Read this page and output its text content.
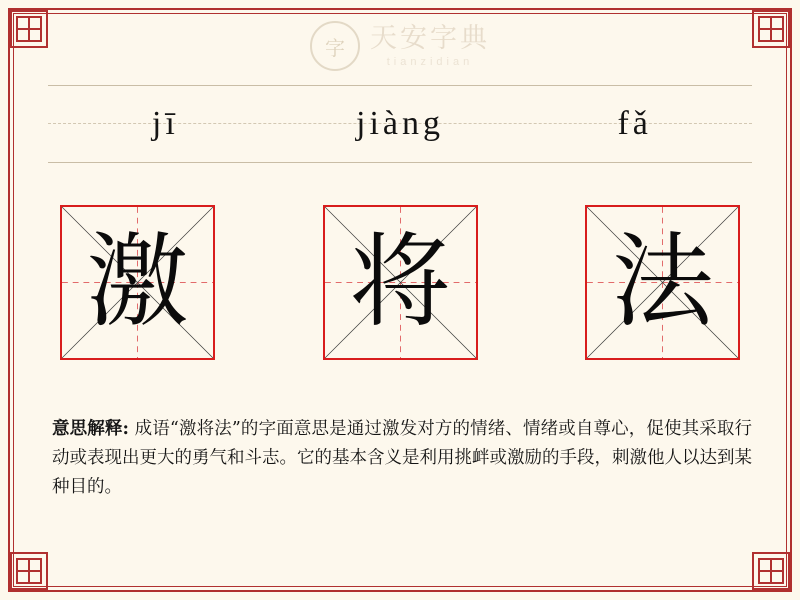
字 天安字典
tianzidian
jī	jiàng	fǎ
激 将 法
意思解释: 成语“激将法”的字面意思是通过激发对方的情绪、情绪或自尊心，促使其采取行动或表现出更大的勇气和斗志。它的基本含义是利用挑衅或激励的手段，刺激他人以达到某种目的。
